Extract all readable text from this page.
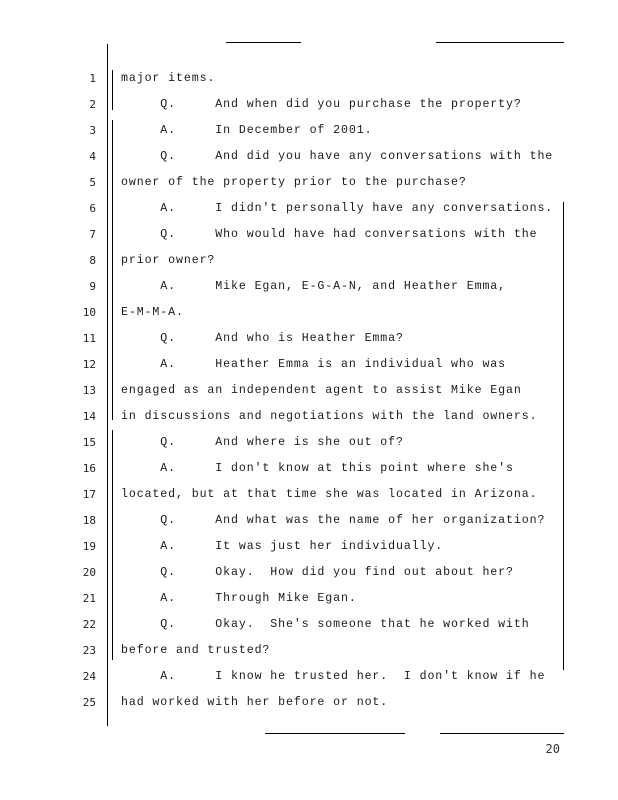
1 major items.
2 Q.     And when did you purchase the property?
3 A.     In December of 2001.
4 Q.     And did you have any conversations with the
5 owner of the property prior to the purchase?
6 A.     I didn't personally have any conversations.
7 Q.     Who would have had conversations with the
8 prior owner?
9 A.     Mike Egan, E-G-A-N, and Heather Emma,
10 E-M-M-A.
11 Q.     And who is Heather Emma?
12 A.     Heather Emma is an individual who was
13 engaged as an independent agent to assist Mike Egan
14 in discussions and negotiations with the land owners.
15 Q.     And where is she out of?
16 A.     I don't know at this point where she's
17 located, but at that time she was located in Arizona.
18 Q.     And what was the name of her organization?
19 A.     It was just her individually.
20 Q.     Okay.  How did you find out about her?
21 A.     Through Mike Egan.
22 Q.     Okay.  She's someone that he worked with
23 before and trusted?
24 A.     I know he trusted her.  I don't know if he
25 had worked with her before or not.
20
